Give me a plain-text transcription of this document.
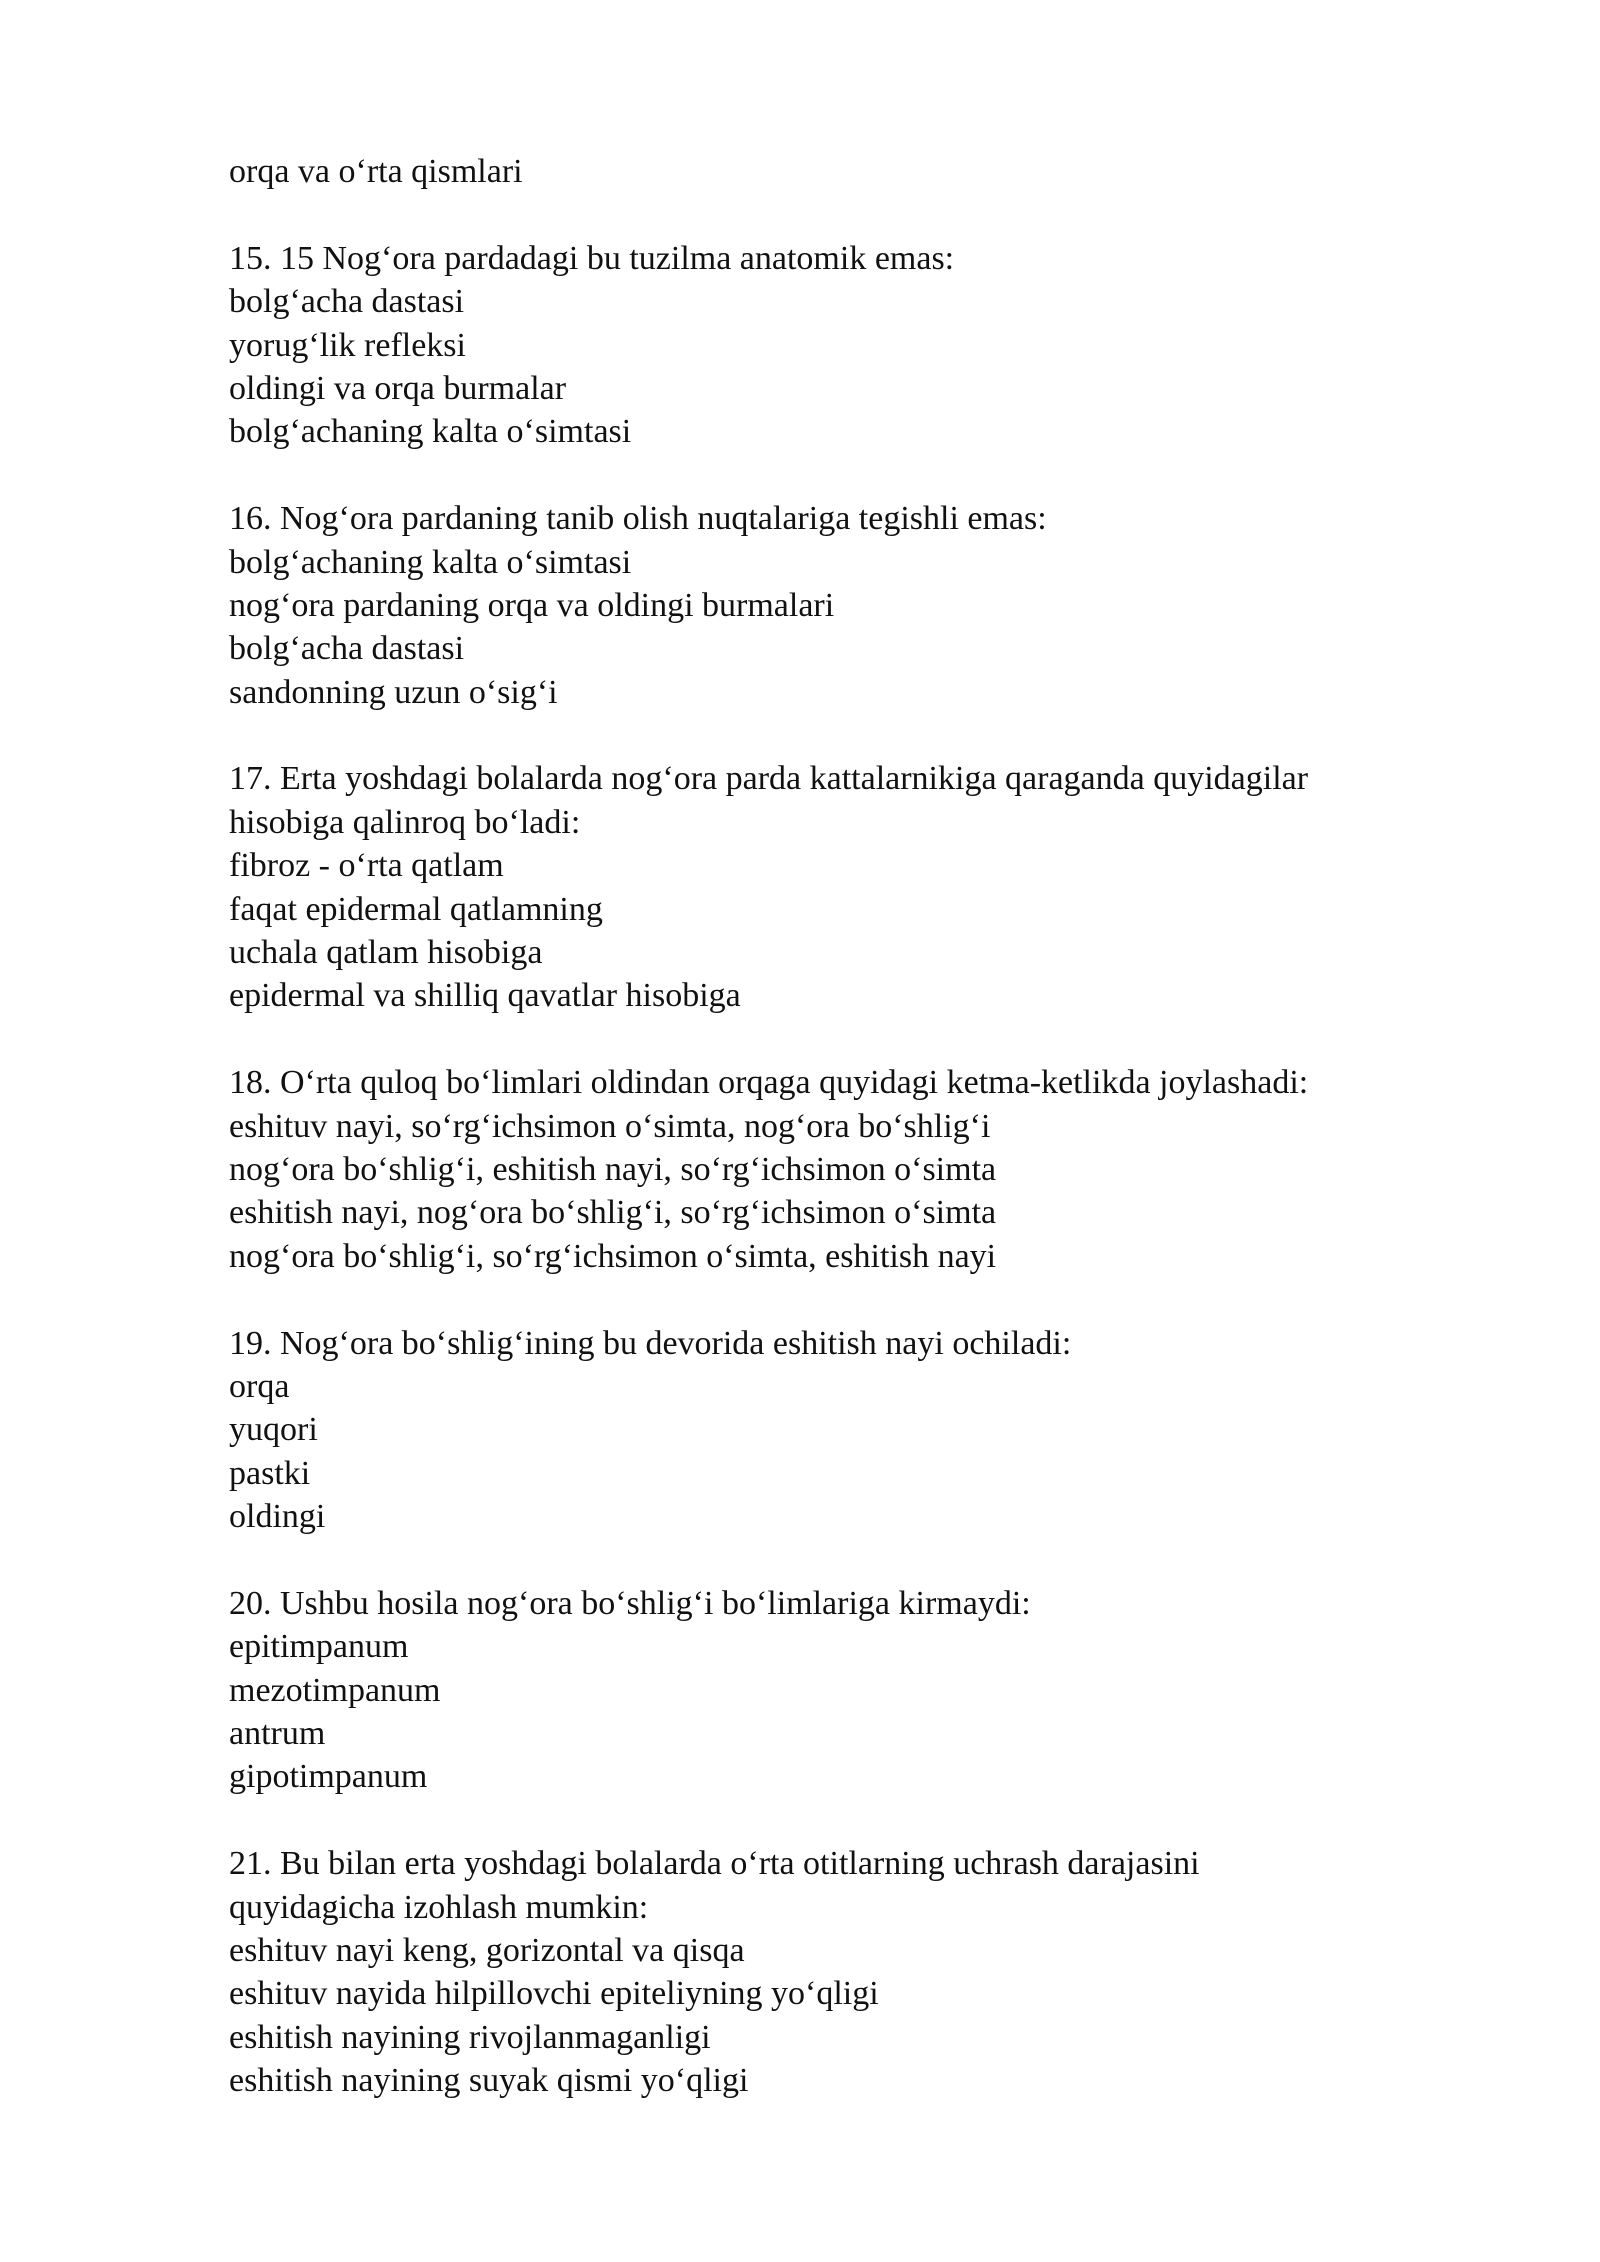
orqa va o‘rta qismlari
15. 15 Nog‘ora pardadagi bu tuzilma anatomik emas:
bolg‘acha dastasi
yorug‘lik refleksi
oldingi va orqa burmalar
bolg‘achaning kalta o‘simtasi
16. Nog‘ora pardaning tanib olish nuqtalariga tegishli emas:
bolg‘achaning kalta o‘simtasi
nog‘ora pardaning orqa va oldingi burmalari
bolg‘acha dastasi
sandonning uzun o‘sig‘i
17. Erta yoshdagi bolalarda nog‘ora parda kattalarnikiga qaraganda quyidagilar
hisobiga qalinroq bo‘ladi:
fibroz - o‘rta qatlam
faqat epidermal qatlamning
uchala qatlam hisobiga
epidermal va shilliq qavatlar hisobiga
18. O‘rta quloq bo‘limlari oldindan orqaga quyidagi ketma-ketlikda joylashadi:
eshituv nayi, so‘rg‘ichsimon o‘simta, nog‘ora bo‘shlig‘i
nog‘ora bo‘shlig‘i, eshitish nayi, so‘rg‘ichsimon o‘simta
eshitish nayi, nog‘ora bo‘shlig‘i, so‘rg‘ichsimon o‘simta
nog‘ora bo‘shlig‘i, so‘rg‘ichsimon o‘simta, eshitish nayi
19. Nog‘ora bo‘shlig‘ining bu devorida eshitish nayi ochiladi:
orqa
yuqori
pastki
oldingi
20. Ushbu hosila nog‘ora bo‘shlig‘i bo‘limlariga kirmaydi:
epitimpanum
mezotimpanum
antrum
gipotimpanum
21. Bu bilan erta yoshdagi bolalarda o‘rta otitlarning uchrash darajasini
quyidagicha izohlash mumkin:
eshituv nayi keng, gorizontal va qisqa
eshituv nayida hilpillovchi epiteliyning yo‘qligi
eshitish nayining rivojlanmaganligi
eshitish nayining suyak qismi yo‘qligi
